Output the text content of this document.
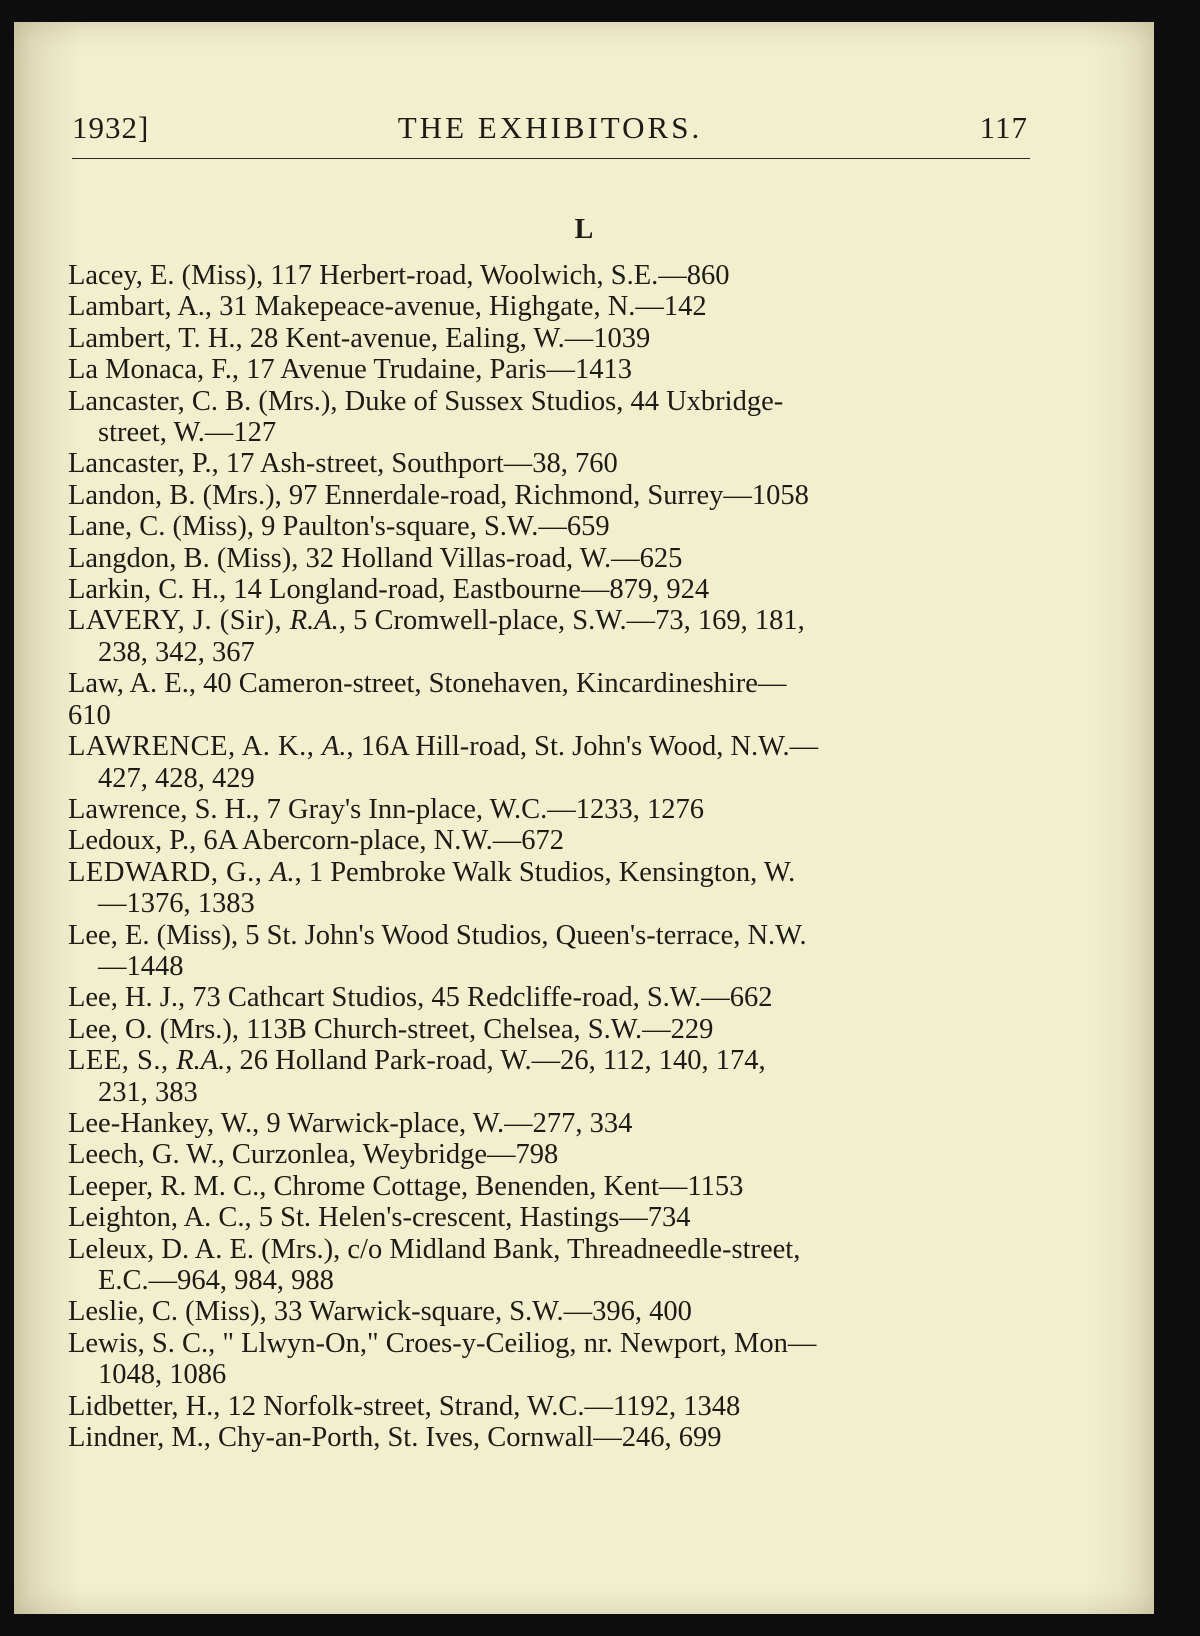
1932]	THE EXHIBITORS.	117
L
Lacey, E. (Miss), 117 Herbert-road, Woolwich, S.E.—860
Lambart, A., 31 Makepeace-avenue, Highgate, N.—142
Lambert, T. H., 28 Kent-avenue, Ealing, W.—1039
La Monaca, F., 17 Avenue Trudaine, Paris—1413
Lancaster, C. B. (Mrs.), Duke of Sussex Studios, 44 Uxbridge-
street, W.—127
Lancaster, P., 17 Ash-street, Southport—38, 760
Landon, B. (Mrs.), 97 Ennerdale-road, Richmond, Surrey—1058
Lane, C. (Miss), 9 Paulton's-square, S.W.—659
Langdon, B. (Miss), 32 Holland Villas-road, W.—625
Larkin, C. H., 14 Longland-road, Eastbourne—879, 924
LAVERY, J. (Sir), R.A., 5 Cromwell-place, S.W.—73, 169, 181,
238, 342, 367
Law, A. E., 40 Cameron-street, Stonehaven, Kincardineshire—
610
LAWRENCE, A. K., A., 16A Hill-road, St. John's Wood, N.W.—
427, 428, 429
Lawrence, S. H., 7 Gray's Inn-place, W.C.—1233, 1276
Ledoux, P., 6A Abercorn-place, N.W.—672
LEDWARD, G., A., 1 Pembroke Walk Studios, Kensington, W.
—1376, 1383
Lee, E. (Miss), 5 St. John's Wood Studios, Queen's-terrace, N.W.
—1448
Lee, H. J., 73 Cathcart Studios, 45 Redcliffe-road, S.W.—662
Lee, O. (Mrs.), 113B Church-street, Chelsea, S.W.—229
LEE, S., R.A., 26 Holland Park-road, W.—26, 112, 140, 174,
231, 383
Lee-Hankey, W., 9 Warwick-place, W.—277, 334
Leech, G. W., Curzonlea, Weybridge—798
Leeper, R. M. C., Chrome Cottage, Benenden, Kent—1153
Leighton, A. C., 5 St. Helen's-crescent, Hastings—734
Leleux, D. A. E. (Mrs.), c/o Midland Bank, Threadneedle-street,
E.C.—964, 984, 988
Leslie, C. (Miss), 33 Warwick-square, S.W.—396, 400
Lewis, S. C., " Llwyn-On," Croes-y-Ceiliog, nr. Newport, Mon—
1048, 1086
Lidbetter, H., 12 Norfolk-street, Strand, W.C.—1192, 1348
Lindner, M., Chy-an-Porth, St. Ives, Cornwall—246, 699
